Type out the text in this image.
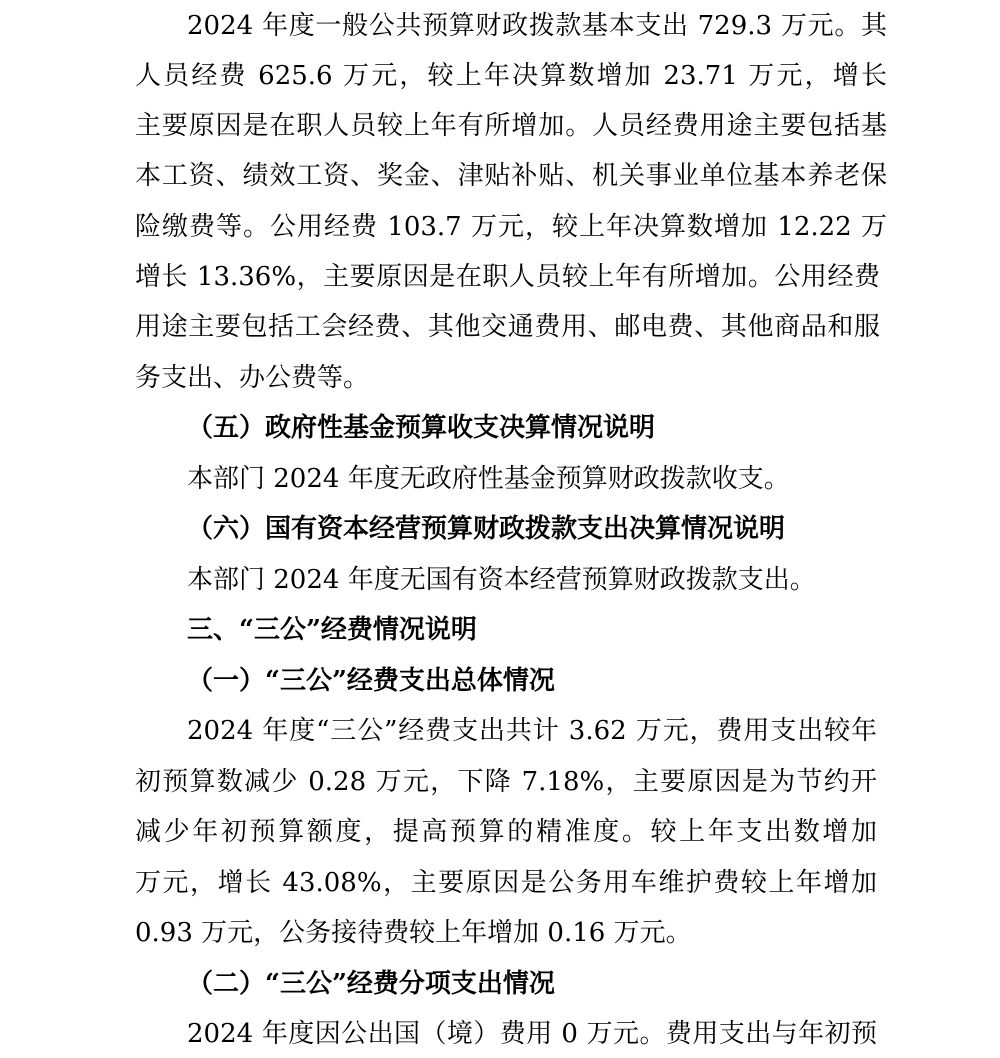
2024 年度一般公共预算财政拨款基本支出 729.3 万元。其
人员经费 625.6 万元，较上年决算数增加 23.71 万元，增长
主要原因是在职人员较上年有所增加。人员经费用途主要包括基
本工资、绩效工资、奖金、津贴补贴、机关事业单位基本养老保
险缴费等。公用经费 103.7 万元，较上年决算数增加 12.22 万
增长 13.36%，主要原因是在职人员较上年有所增加。公用经费
用途主要包括工会经费、其他交通费用、邮电费、其他商品和服
务支出、办公费等。
（五）政府性基金预算收支决算情况说明
本部门 2024 年度无政府性基金预算财政拨款收支。
（六）国有资本经营预算财政拨款支出决算情况说明
本部门 2024 年度无国有资本经营预算财政拨款支出。
三、“三公”经费情况说明
（一）“三公”经费支出总体情况
2024 年度“三公”经费支出共计 3.62 万元，费用支出较年
初预算数减少 0.28 万元，下降 7.18%，主要原因是为节约开
减少年初预算额度，提高预算的精准度。较上年支出数增加
万元，增长 43.08%，主要原因是公务用车维护费较上年增加
0.93 万元，公务接待费较上年增加 0.16 万元。
（二）“三公”经费分项支出情况
2024 年度因公出国（境）费用 0 万元。费用支出与年初预
